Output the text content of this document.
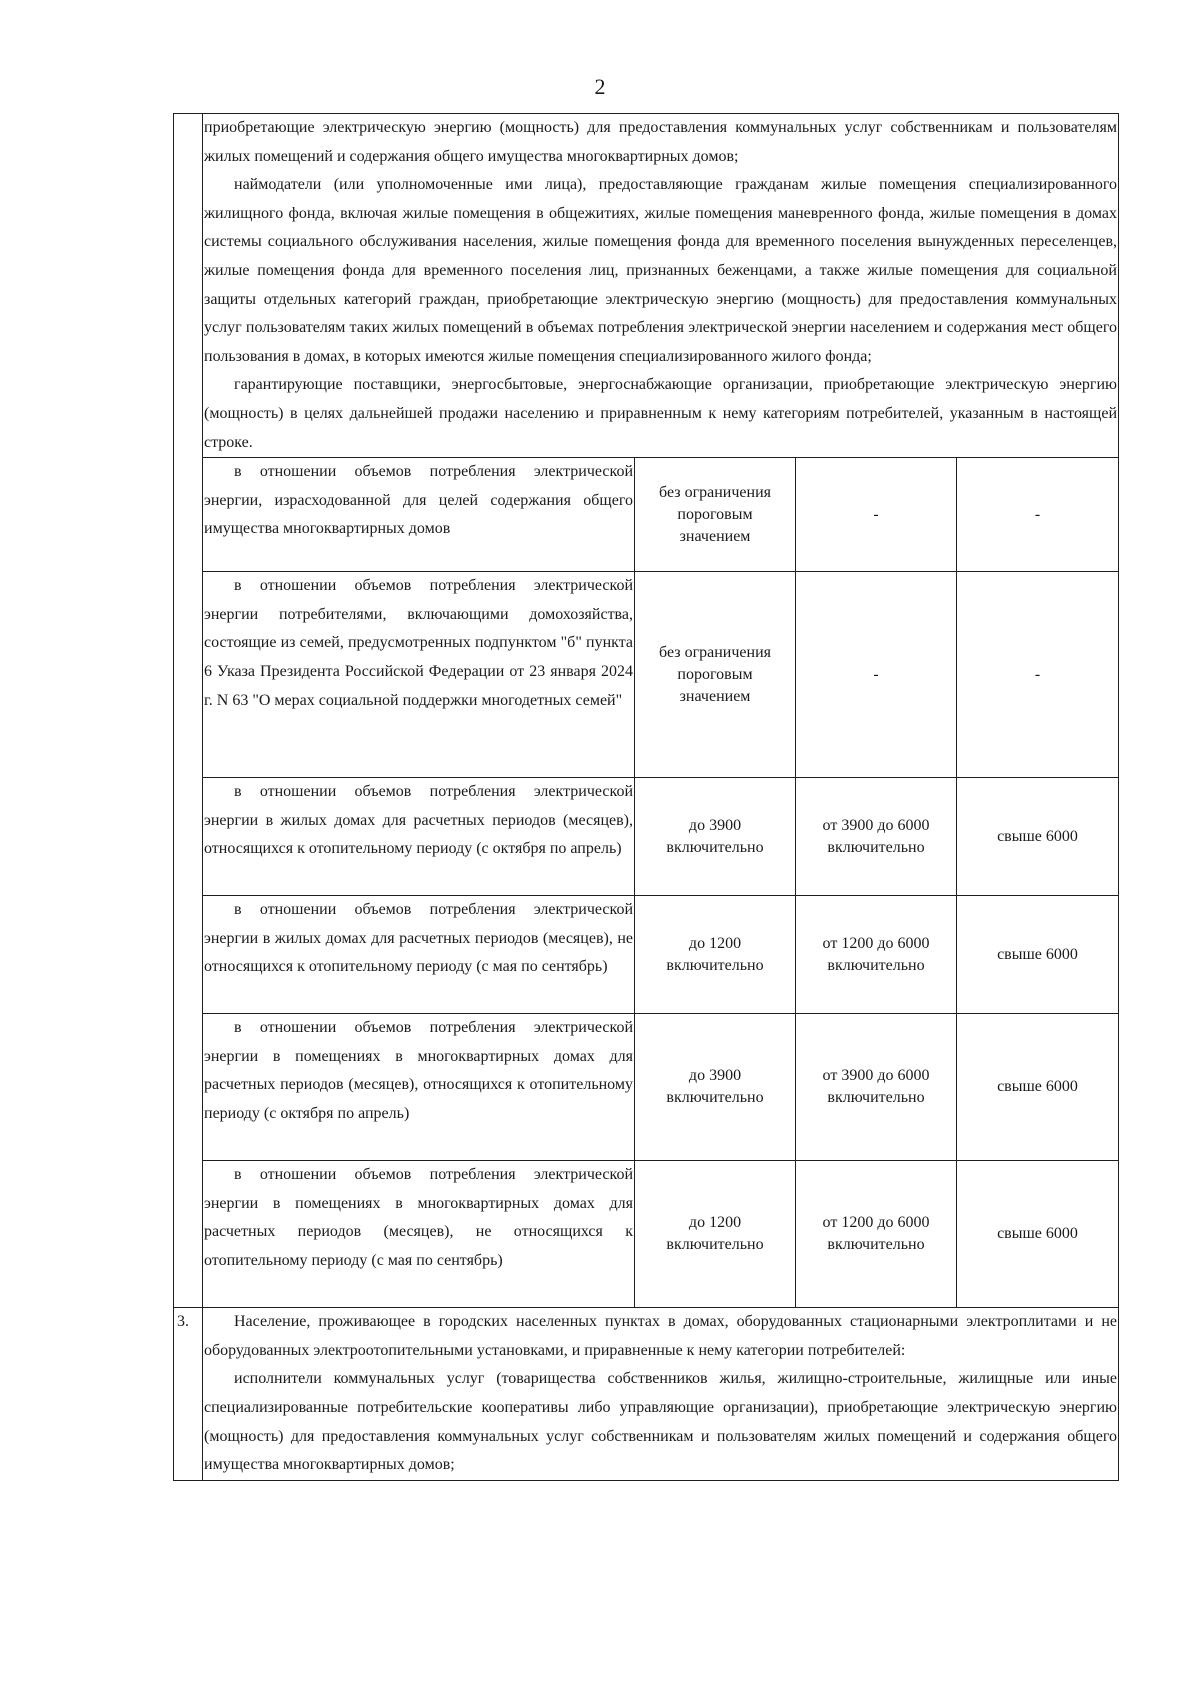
2

	приобретающие электрическую энергию (мощность) для предоставления коммунальных услуг собственникам и пользователям жилых помещений и содержания общего имущества многоквартирных домов;

наймодатели (или уполномоченные ими лица), предоставляющие гражданам жилые помещения специализированного жилищного фонда, включая жилые помещения в общежитиях, жилые помещения маневренного фонда, жилые помещения в домах системы социального обслуживания населения, жилые помещения фонда для временного поселения вынужденных переселенцев, жилые помещения фонда для временного поселения лиц, признанных беженцами, а также жилые помещения для социальной защиты отдельных категорий граждан, приобретающие электрическую энергию (мощность) для предоставления коммунальных услуг пользователям таких жилых помещений в объемах потребления электрической энергии населением и содержания мест общего пользования в домах, в которых имеются жилые помещения специализированного жилого фонда;

гарантирующие поставщики, энергосбытовые, энергоснабжающие организации, приобретающие электрическую энергию (мощность) в целях дальнейшей продажи населению и приравненным к нему категориям потребителей, указанным в настоящей строке.			

	в отношении объемов потребления электрической энергии, израсходованной для целей содержания общего имущества многоквартирных домов	без ограничения пороговым значением	-	-

	в отношении объемов потребления электрической энергии потребителями, включающими домохозяйства, состоящие из семей, предусмотренных подпунктом "б" пункта 6 Указа Президента Российской Федерации от 23 января 2024 г. N 63 "О мерах социальной поддержки многодетных семей"	без ограничения пороговым значением	-	-

	в отношении объемов потребления электрической энергии в жилых домах для расчетных периодов (месяцев), относящихся к отопительному периоду (с октября по апрель)	до 3900 включительно	от 3900 до 6000 включительно	свыше 6000

	в отношении объемов потребления электрической энергии в жилых домах для расчетных периодов (месяцев), не относящихся к отопительному периоду (с мая по сентябрь)	до 1200 включительно	от 1200 до 6000 включительно	свыше 6000

	в отношении объемов потребления электрической энергии в помещениях в многоквартирных домах для расчетных периодов (месяцев), относящихся к отопительному периоду (с октября по апрель)	до 3900 включительно	от 3900 до 6000 включительно	свыше 6000

	в отношении объемов потребления электрической энергии в помещениях в многоквартирных домах для расчетных периодов (месяцев), не относящихся к отопительному периоду (с мая по сентябрь)	до 1200 включительно	от 1200 до 6000 включительно	свыше 6000
3.	Население, проживающее в городских населенных пунктах в домах, оборудованных стационарными электроплитами и не оборудованных электроотопительными установками, и приравненные к нему категории потребителей:

исполнители коммунальных услуг (товарищества собственников жилья, жилищно-строительные, жилищные или иные специализированные потребительские кооперативы либо управляющие организации), приобретающие электрическую энергию (мощность) для предоставления коммунальных услуг собственникам и пользователям жилых помещений и содержания общего имущества многоквартирных домов;			
